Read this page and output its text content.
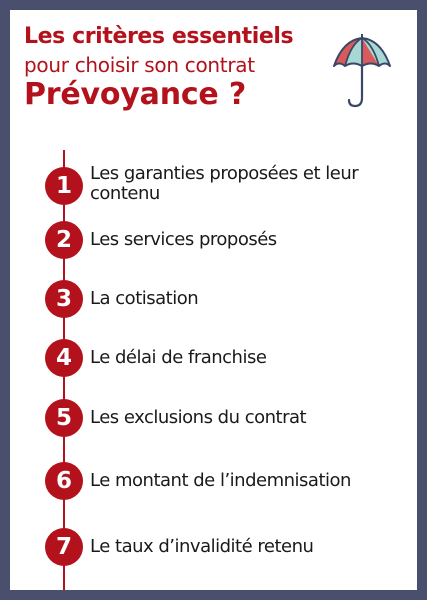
Les critères essentiels
pour choisir son contrat
Prévoyance ?
1	Les garanties proposées et leur contenu
2	Les services proposés
3	La cotisation
4	Le délai de franchise
5	Les exclusions du contrat
6	Le montant de l’indemnisation
7	Le taux d’invalidité retenu
